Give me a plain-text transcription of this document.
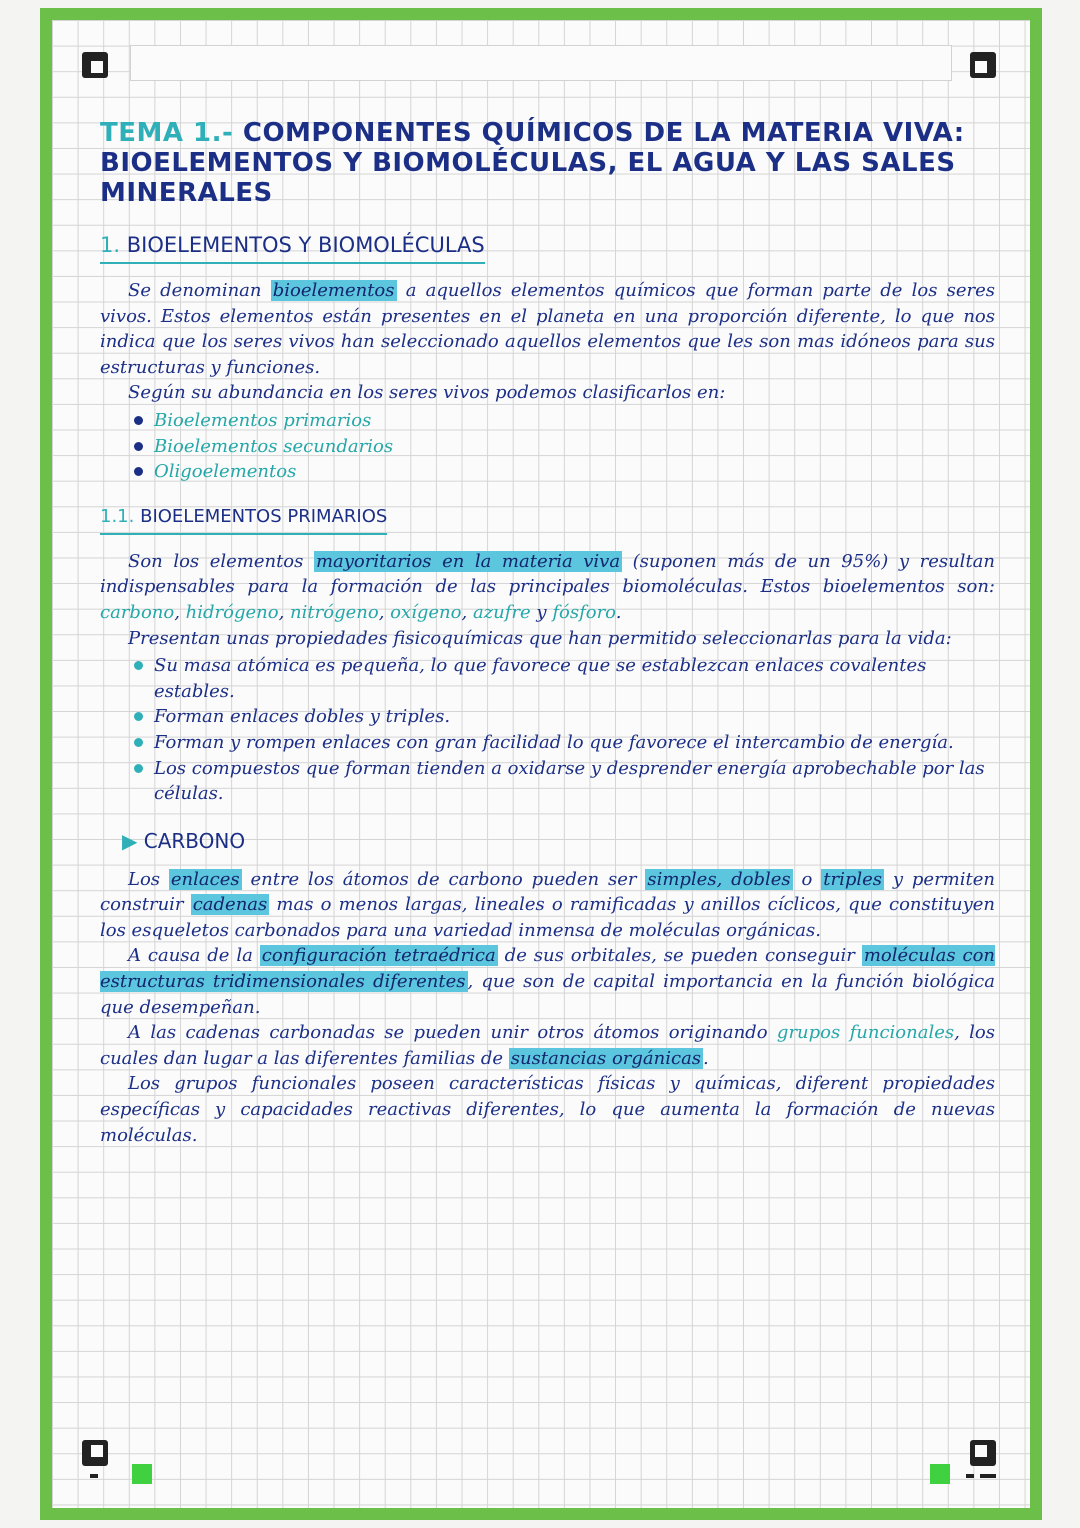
TEMA 1.- COMPONENTES QUÍMICOS DE LA MATERIA VIVA: BIOELEMENTOS Y BIOMOLÉCULAS, EL AGUA Y LAS SALES MINERALES
1. BIOELEMENTOS Y BIOMOLÉCULAS

Se denominan bioelementos a aquellos elementos químicos que forman parte de los seres vivos. Estos elementos están presentes en el planeta en una proporción diferente, lo que nos indica que los seres vivos han seleccionado aquellos elementos que les son mas idóneos para sus estructuras y funciones.

Según su abundancia en los seres vivos podemos clasificarlos en:

Bioelementos primarios
Bioelementos secundarios
Oligoelementos
1.1. BIOELEMENTOS PRIMARIOS

Son los elementos mayoritarios en la materia viva (suponen más de un 95%) y resultan indispensables para la formación de las principales biomoléculas. Estos bioelementos son: carbono, hidrógeno, nitrógeno, oxígeno, azufre y fósforo.

Presentan unas propiedades fisicoquímicas que han permitido seleccionarlas para la vida:

Su masa atómica es pequeña, lo que favorece que se establezcan enlaces covalentes estables.
Forman enlaces dobles y triples.
Forman y rompen enlaces con gran facilidad lo que favorece el intercambio de energía.
Los compuestos que forman tienden a oxidarse y desprender energía aprobechable por las células.
▶ CARBONO

Los enlaces entre los átomos de carbono pueden ser simples, dobles o triples y permiten construir cadenas mas o menos largas, lineales o ramificadas y anillos cíclicos, que constituyen los esqueletos carbonados para una variedad inmensa de moléculas orgánicas.

A causa de la configuración tetraédrica de sus orbitales, se pueden conseguir moléculas con estructuras tridimensionales diferentes , que son de capital importancia en la función biológica que desempeñan.

A las cadenas carbonadas se pueden unir otros átomos originando grupos funcionales, los cuales dan lugar a las diferentes familias de sustancias orgánicas .

Los grupos funcionales poseen características físicas y químicas, diferent propiedades específicas y capacidades reactivas diferentes, lo que aumenta la formación de nuevas moléculas.
